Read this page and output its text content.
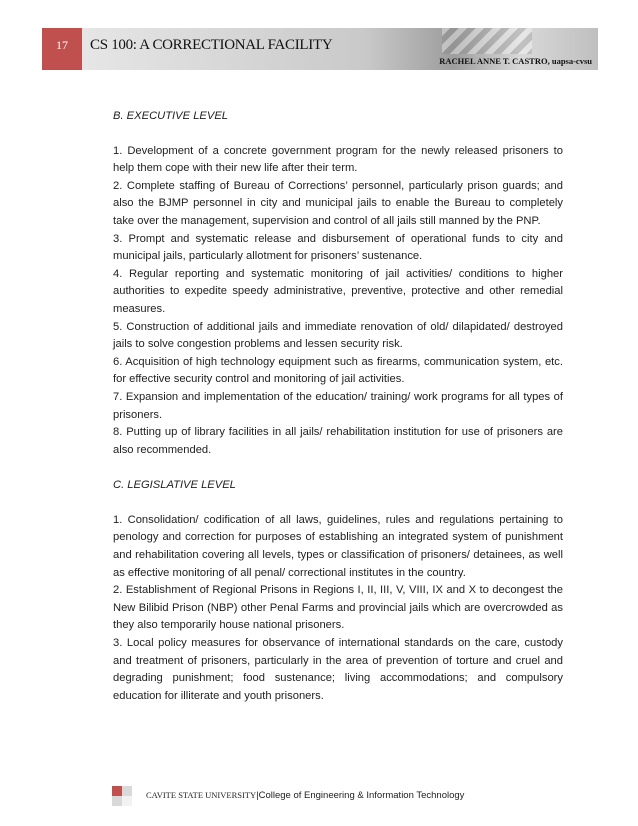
17	CS 100: A CORRECTIONAL FACILITY
RACHEL ANNE T. CASTRO, uapsa-cvsu

B. EXECUTIVE LEVEL

1. Development of a concrete government program for the newly released prisoners to help them cope with their new life after their term.

2. Complete staffing of Bureau of Corrections’ personnel, particularly prison guards; and also the BJMP personnel in city and municipal jails to enable the Bureau to completely take over the management, supervision and control of all jails still manned by the PNP.

3. Prompt and systematic release and disbursement of operational funds to city and municipal jails, particularly allotment for prisoners’ sustenance.

4. Regular reporting and systematic monitoring of jail activities/ conditions to higher authorities to expedite speedy administrative, preventive, protective and other remedial measures.

5. Construction of additional jails and immediate renovation of old/ dilapidated/ destroyed jails to solve congestion problems and lessen security risk.

6. Acquisition of high technology equipment such as firearms, communication system, etc. for effective security control and monitoring of jail activities.

7. Expansion and implementation of the education/ training/ work programs for all types of prisoners.

8. Putting up of library facilities in all jails/ rehabilitation institution for use of prisoners are also recommended.

C. LEGISLATIVE LEVEL

1. Consolidation/ codification of all laws, guidelines, rules and regulations pertaining to penology and correction for purposes of establishing an integrated system of punishment and rehabilitation covering all levels, types or classification of prisoners/ detainees, as well as effective monitoring of all penal/ correctional institutes in the country.

2. Establishment of Regional Prisons in Regions I, II, III, V, VIII, IX and X to decongest the New Bilibid Prison (NBP) other Penal Farms and provincial jails which are overcrowded as they also temporarily house national prisoners.

3. Local policy measures for observance of international standards on the care, custody and treatment of prisoners, particularly in the area of prevention of torture and cruel and degrading punishment; food sustenance; living accommodations; and compulsory education for illiterate and youth prisoners.

CAVITE STATE UNIVERSITY|College of Engineering & Information Technology
